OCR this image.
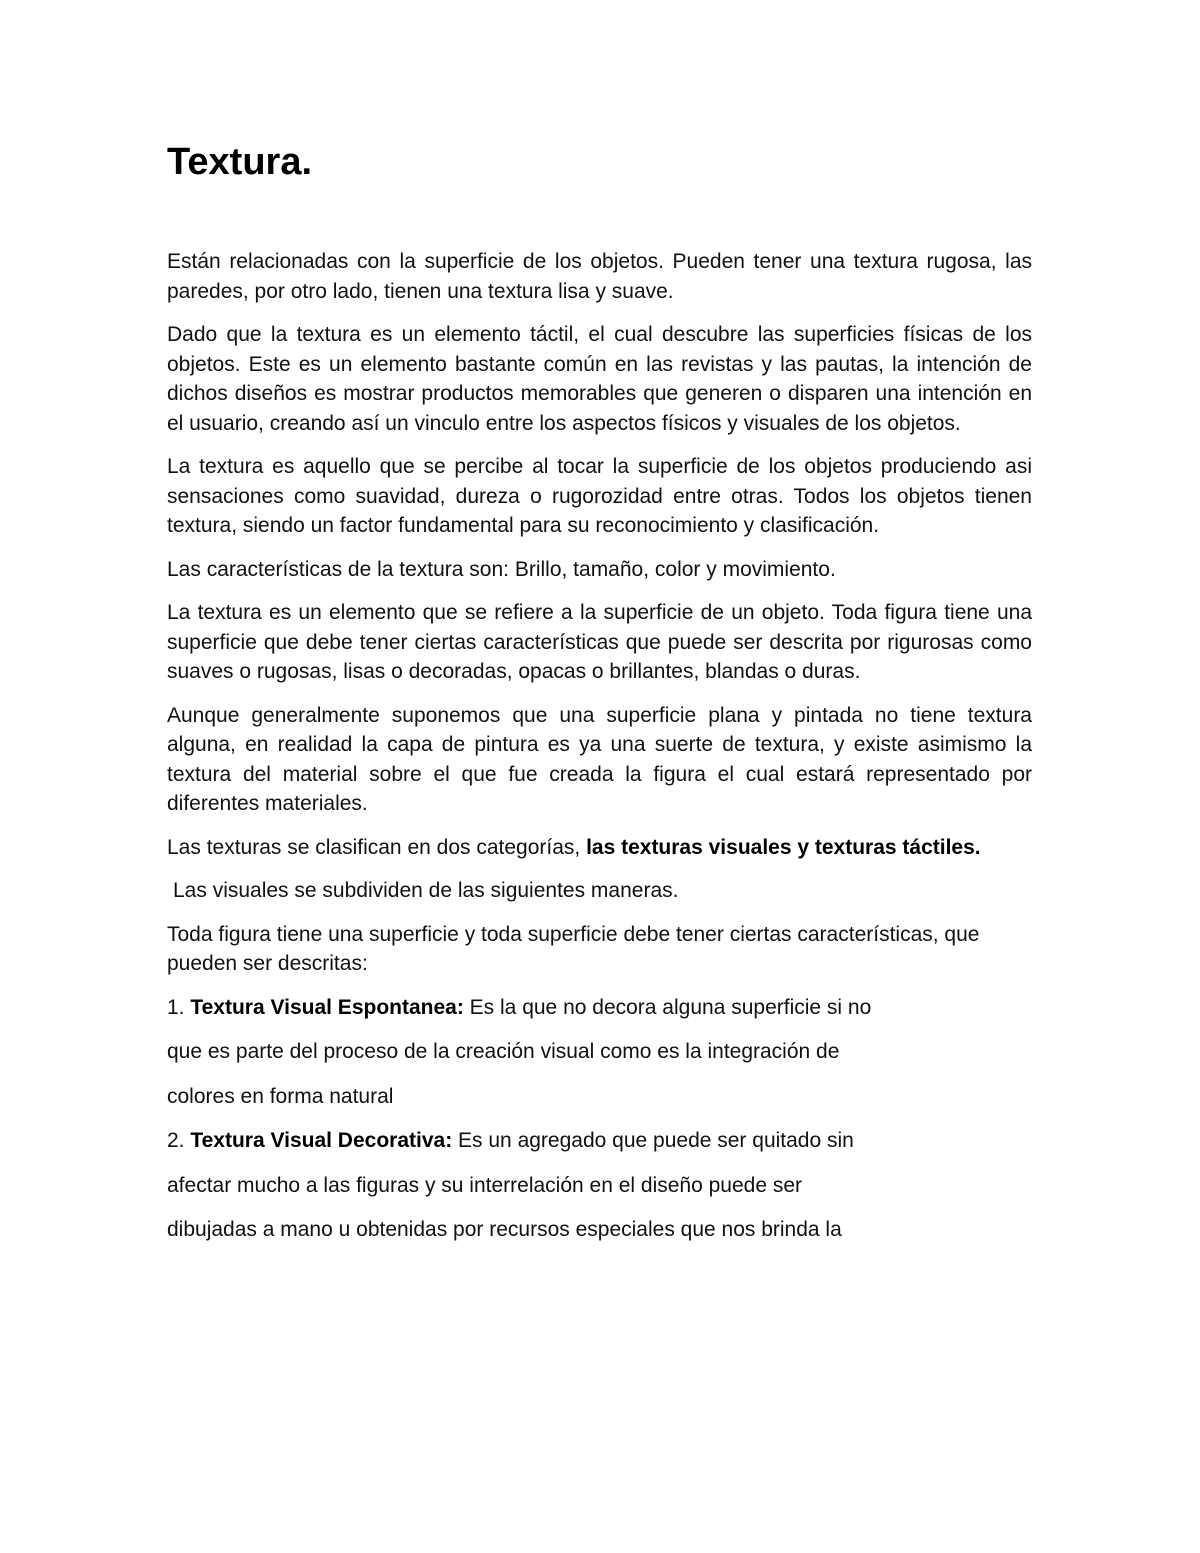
Textura.

Están relacionadas con la superficie de los objetos. Pueden tener una textura rugosa, las paredes, por otro lado, tienen una textura lisa y suave.

Dado que la textura es un elemento táctil, el cual descubre las superficies físicas de los objetos. Este es un elemento bastante común en las revistas y las pautas, la intención de dichos diseños es mostrar productos memorables que generen o disparen una intención en el usuario, creando así un vinculo entre los aspectos físicos y visuales de los objetos.

La textura es aquello que se percibe al tocar la superficie de los objetos produciendo asi sensaciones como suavidad, dureza o rugorozidad entre otras. Todos los objetos tienen textura, siendo un factor fundamental para su reconocimiento y clasificación.

Las características de la textura son: Brillo, tamaño, color y movimiento.

La textura es un elemento que se refiere a la superficie de un objeto. Toda figura tiene una superficie que debe tener ciertas características que puede ser descrita por rigurosas como suaves o rugosas, lisas o decoradas, opacas o brillantes, blandas o duras.

Aunque generalmente suponemos que una superficie plana y pintada no tiene textura alguna, en realidad la capa de pintura es ya una suerte de textura, y existe asimismo la textura del material sobre el que fue creada la figura el cual estará representado por diferentes materiales.

Las texturas se clasifican en dos categorías, las texturas visuales y texturas táctiles.

Las visuales se subdividen de las siguientes maneras.

Toda figura tiene una superficie y toda superficie debe tener ciertas características, que pueden ser descritas:

1. Textura Visual Espontanea: Es la que no decora alguna superficie si no
que es parte del proceso de la creación visual como es la integración de
colores en forma natural
2. Textura Visual Decorativa: Es un agregado que puede ser quitado sin
afectar mucho a las figuras y su interrelación en el diseño puede ser
dibujadas a mano u obtenidas por recursos especiales que nos brinda la
